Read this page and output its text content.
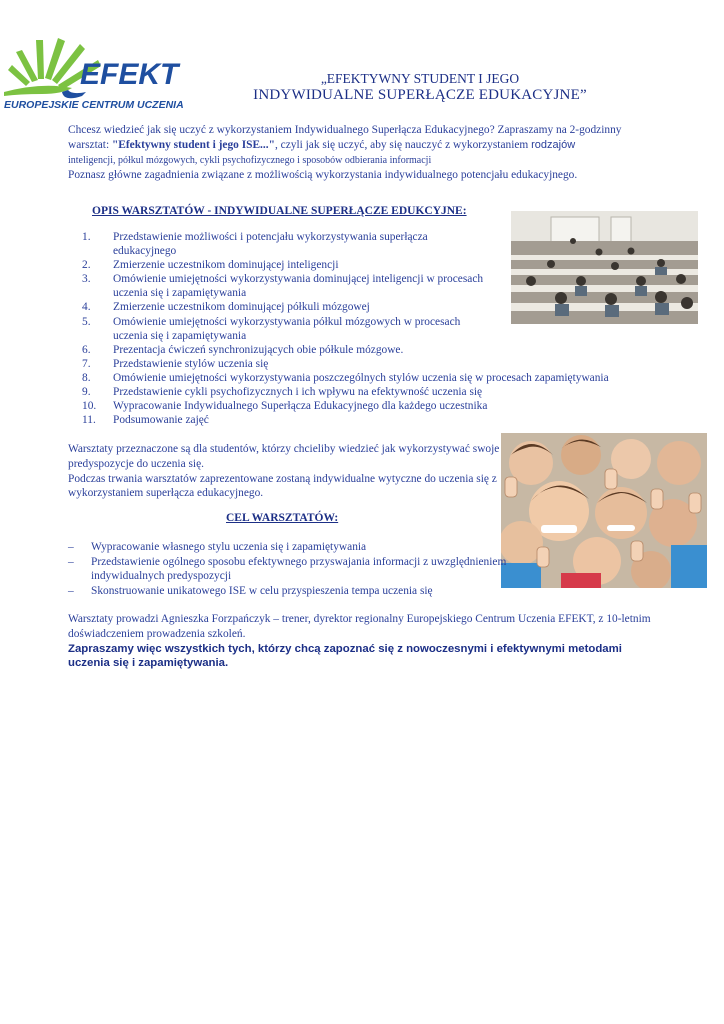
EFEKT
EUROPEJSKIE CENTRUM UCZENIA
„EFEKTYWNY STUDENT I JEGO
INDYWIDUALNE SUPERŁĄCZE EDUKACYJNE”
Chcesz wiedzieć jak się uczyć z wykorzystaniem Indywidualnego Superłącza Edukacyjnego? Zapraszamy na 2-godzinny warsztat: "Efektywny student i jego ISE...", czyli jak się uczyć, aby się nauczyć z wykorzystaniem rodzajów
inteligencji, półkul mózgowych, cykli psychofizycznego i sposobów odbierania informacji
Poznasz główne zagadnienia związane z możliwością wykorzystania indywidualnego potencjału edukacyjnego.
OPIS WARSZTATÓW - INDYWIDUALNE SUPERŁĄCZE EDUKCYJNE:
1.	Przedstawienie możliwości i potencjału wykorzystywania superłącza
edukacyjnego
2.	Zmierzenie uczestnikom dominującej inteligencji
3.	Omówienie umiejętności wykorzystywania dominującej inteligencji w procesach
uczenia się i zapamiętywania
4.	Zmierzenie uczestnikom dominującej półkuli mózgowej
5.	Omówienie umiejętności wykorzystywania półkul mózgowych w procesach
uczenia się i zapamiętywania
6.	Prezentacja ćwiczeń synchronizujących obie półkule mózgowe.
7.	Przedstawienie stylów uczenia się
8.	Omówienie umiejętności wykorzystywania poszczególnych stylów uczenia się w procesach zapamiętywania
9.	Przedstawienie cykli psychofizycznych i ich wpływu na efektywność uczenia się
10.	Wypracowanie Indywidualnego Superłącza Edukacyjnego dla każdego uczestnika
11.	Podsumowanie zajęć
Warsztaty przeznaczone są dla studentów, którzy chcieliby wiedzieć jak wykorzystywać swoje predyspozycje do uczenia się.
Podczas trwania warsztatów zaprezentowane zostaną indywidualne wytyczne do uczenia się z wykorzystaniem superłącza edukacyjnego.
CEL WARSZTATÓW:
–	Wypracowanie własnego stylu uczenia się i zapamiętywania
–	Przedstawienie ogólnego sposobu efektywnego przyswajania informacji z uwzględnieniem indywidualnych predyspozycji
–	Skonstruowanie unikatowego ISE w celu przyspieszenia tempa uczenia się
Warsztaty prowadzi Agnieszka Forzpańczyk – trener, dyrektor regionalny Europejskiego Centrum Uczenia EFEKT, z 10-letnim doświadczeniem prowadzenia szkoleń.
Zapraszamy więc wszystkich tych, którzy chcą zapoznać się z nowoczesnymi i efektywnymi metodami uczenia się i zapamiętywania.
